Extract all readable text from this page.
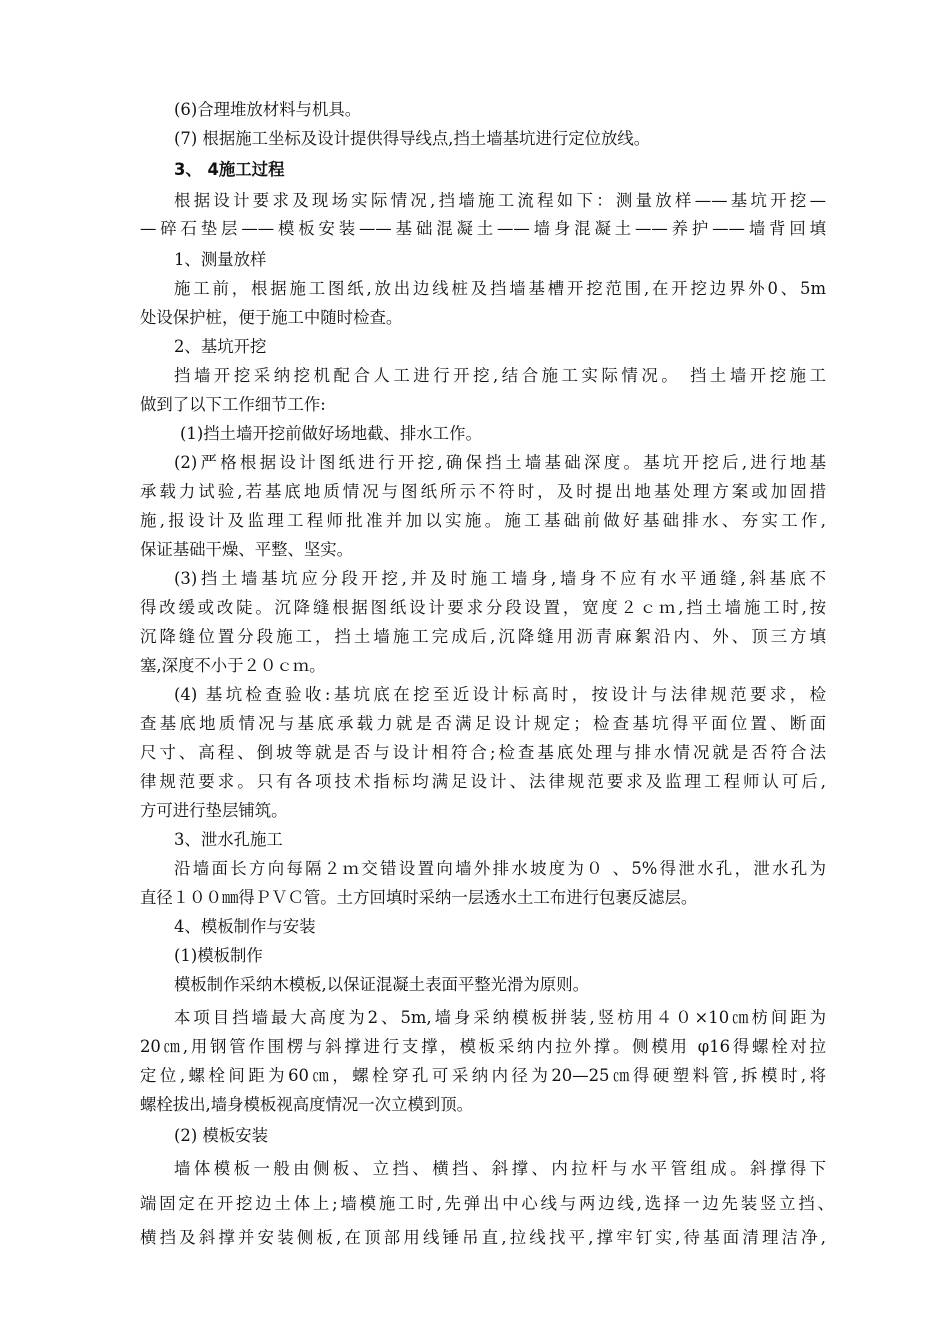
(6)合理堆放材料与机具。
(7) 根据施工坐标及设计提供得导线点,挡土墙基坑进行定位放线。
3、 4施工过程
根据设计要求及现场实际情况,挡墙施工流程如下：测量放样——基坑开挖—
—碎石垫层——模板安装——基础混凝土——墙身混凝土——养护——墙背回填
1、测量放样
施工前，根据施工图纸,放出边线桩及挡墙基槽开挖范围,在开挖边界外0、5m
处设保护桩，便于施工中随时检查。
2、基坑开挖
挡墙开挖采纳挖机配合人工进行开挖,结合施工实际情况。 挡土墙开挖施工
做到了以下工作细节工作:
(1)挡土墙开挖前做好场地截、排水工作。
(2)严格根据设计图纸进行开挖,确保挡土墙基础深度。基坑开挖后,进行地基
承载力试验,若基底地质情况与图纸所示不符时，及时提出地基处理方案或加固措
施,报设计及监理工程师批准并加以实施。施工基础前做好基础排水、夯实工作,
保证基础干燥、平整、坚实。
(3)挡土墙基坑应分段开挖,并及时施工墙身,墙身不应有水平通缝,斜基底不
得改缓或改陡。沉降缝根据图纸设计要求分段设置，宽度２ｃｍ,挡土墙施工时,按
沉降缝位置分段施工，挡土墙施工完成后,沉降缝用沥青麻絮沿内、外、顶三方填
塞,深度不小于２０ｃｍ。
(4) 基坑检查验收:基坑底在挖至近设计标高时，按设计与法律规范要求，检
查基底地质情况与基底承载力就是否满足设计规定；检查基坑得平面位置、断面
尺寸、高程、倒坡等就是否与设计相符合;检查基底处理与排水情况就是否符合法
律规范要求。只有各项技术指标均满足设计、法律规范要求及监理工程师认可后,
方可进行垫层铺筑。
3、泄水孔施工
沿墙面长方向每隔２ｍ交错设置向墙外排水坡度为０ 、5%得泄水孔，泄水孔为
直径１００㎜得ＰＶＣ管。土方回填时采纳一层透水土工布进行包裹反滤层。
4、模板制作与安装
(1)模板制作
模板制作采纳木模板,以保证混凝土表面平整光滑为原则。
本项目挡墙最大高度为2、5m,墙身采纳模板拼装,竖枋用４０×10㎝枋间距为
20㎝,用钢管作围楞与斜撑进行支撑，模板采纳内拉外撑。侧模用 φ16得螺栓对拉
定位,螺栓间距为60㎝，螺栓穿孔可采纳内径为20—25㎝得硬塑料管,拆模时,将
螺栓拔出,墙身模板视高度情况一次立模到顶。
(2) 模板安装
墙体模板一般由侧板、立挡、横挡、斜撑、内拉杆与水平管组成。斜撑得下
端固定在开挖边土体上;墙模施工时,先弹出中心线与两边线,选择一边先装竖立挡、
横挡及斜撑并安装侧板,在顶部用线锤吊直,拉线找平,撑牢钉实,待基面清理洁净,
